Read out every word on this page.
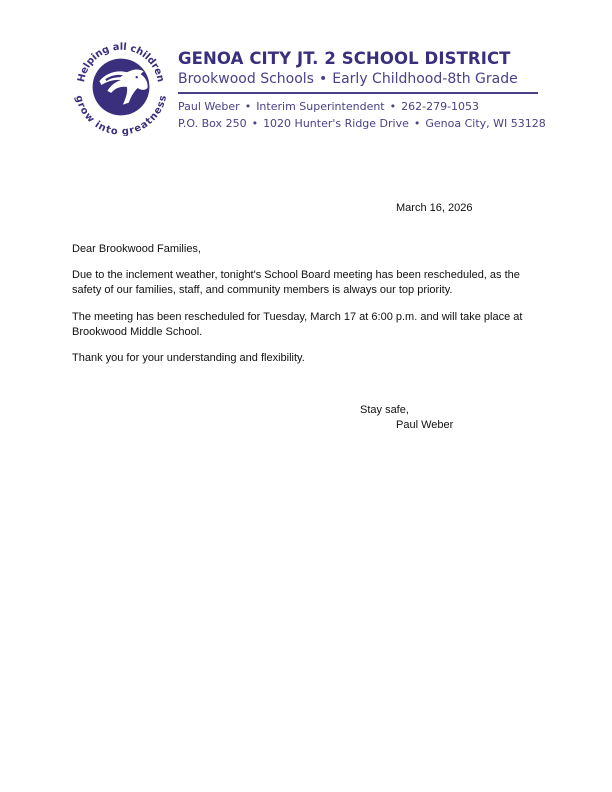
Helping all children
grow into greatness
GENOA CITY JT. 2 SCHOOL DISTRICT
Brookwood Schools • Early Childhood-8th Grade
Paul Weber • Interim Superintendent • 262-279-1053
P.O. Box 250 • 1020 Hunter's Ridge Drive • Genoa City, WI 53128
March 16, 2026

Dear Brookwood Families,

Due to the inclement weather, tonight's School Board meeting has been rescheduled, as the safety of our families, staff, and community members is always our top priority.

The meeting has been rescheduled for Tuesday, March 17 at 6:00 p.m. and will take place at Brookwood Middle School.

Thank you for your understanding and flexibility.

Stay safe,
Paul Weber
